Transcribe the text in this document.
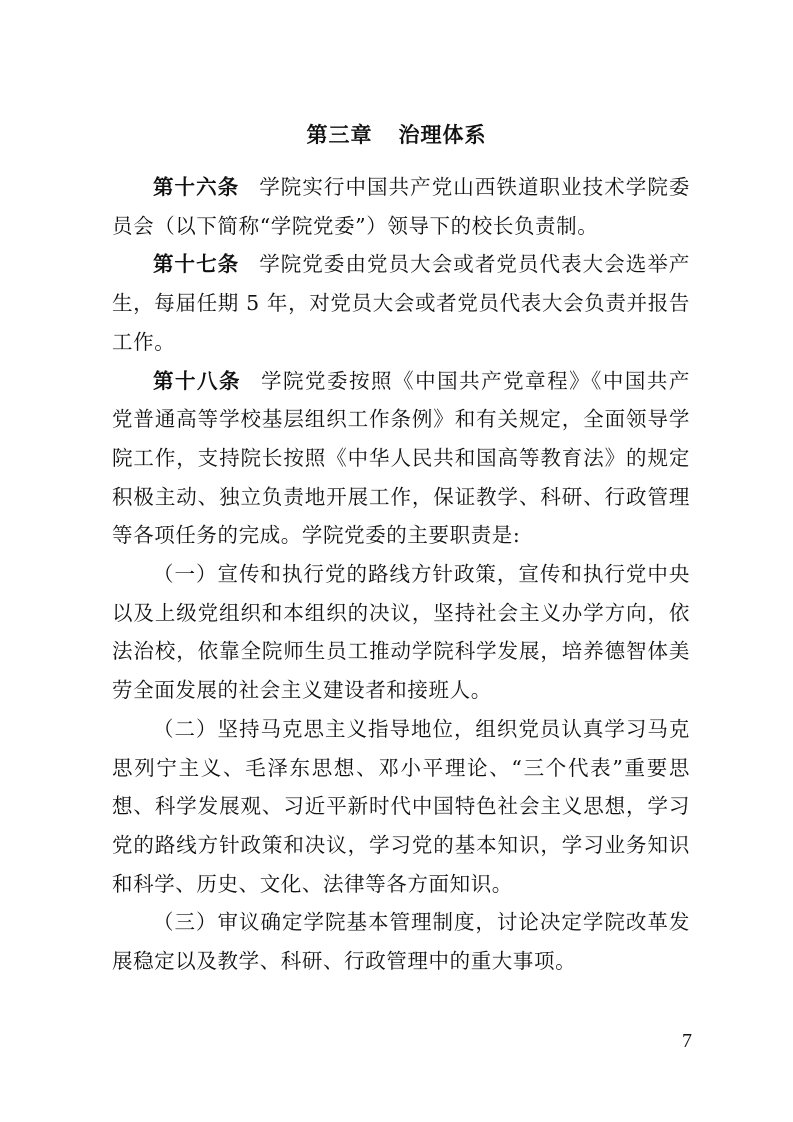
第三章 治理体系

第十六条 学院实行中国共产党山西铁道职业技术学院委员会（以下简称“学院党委”）领导下的校长负责制。

第十七条 学院党委由党员大会或者党员代表大会选举产生，每届任期 5 年，对党员大会或者党员代表大会负责并报告工作。

第十八条 学院党委按照《中国共产党章程》《中国共产党普通高等学校基层组织工作条例》和有关规定，全面领导学院工作，支持院长按照《中华人民共和国高等教育法》的规定积极主动、独立负责地开展工作，保证教学、科研、行政管理等各项任务的完成。学院党委的主要职责是:

（一）宣传和执行党的路线方针政策，宣传和执行党中央以及上级党组织和本组织的决议，坚持社会主义办学方向，依法治校，依靠全院师生员工推动学院科学发展，培养德智体美劳全面发展的社会主义建设者和接班人。

（二）坚持马克思主义指导地位，组织党员认真学习马克思列宁主义、毛泽东思想、邓小平理论、“三个代表”重要思想、科学发展观、习近平新时代中国特色社会主义思想，学习党的路线方针政策和决议，学习党的基本知识，学习业务知识和科学、历史、文化、法律等各方面知识。

（三）审议确定学院基本管理制度，讨论决定学院改革发展稳定以及教学、科研、行政管理中的重大事项。

7
